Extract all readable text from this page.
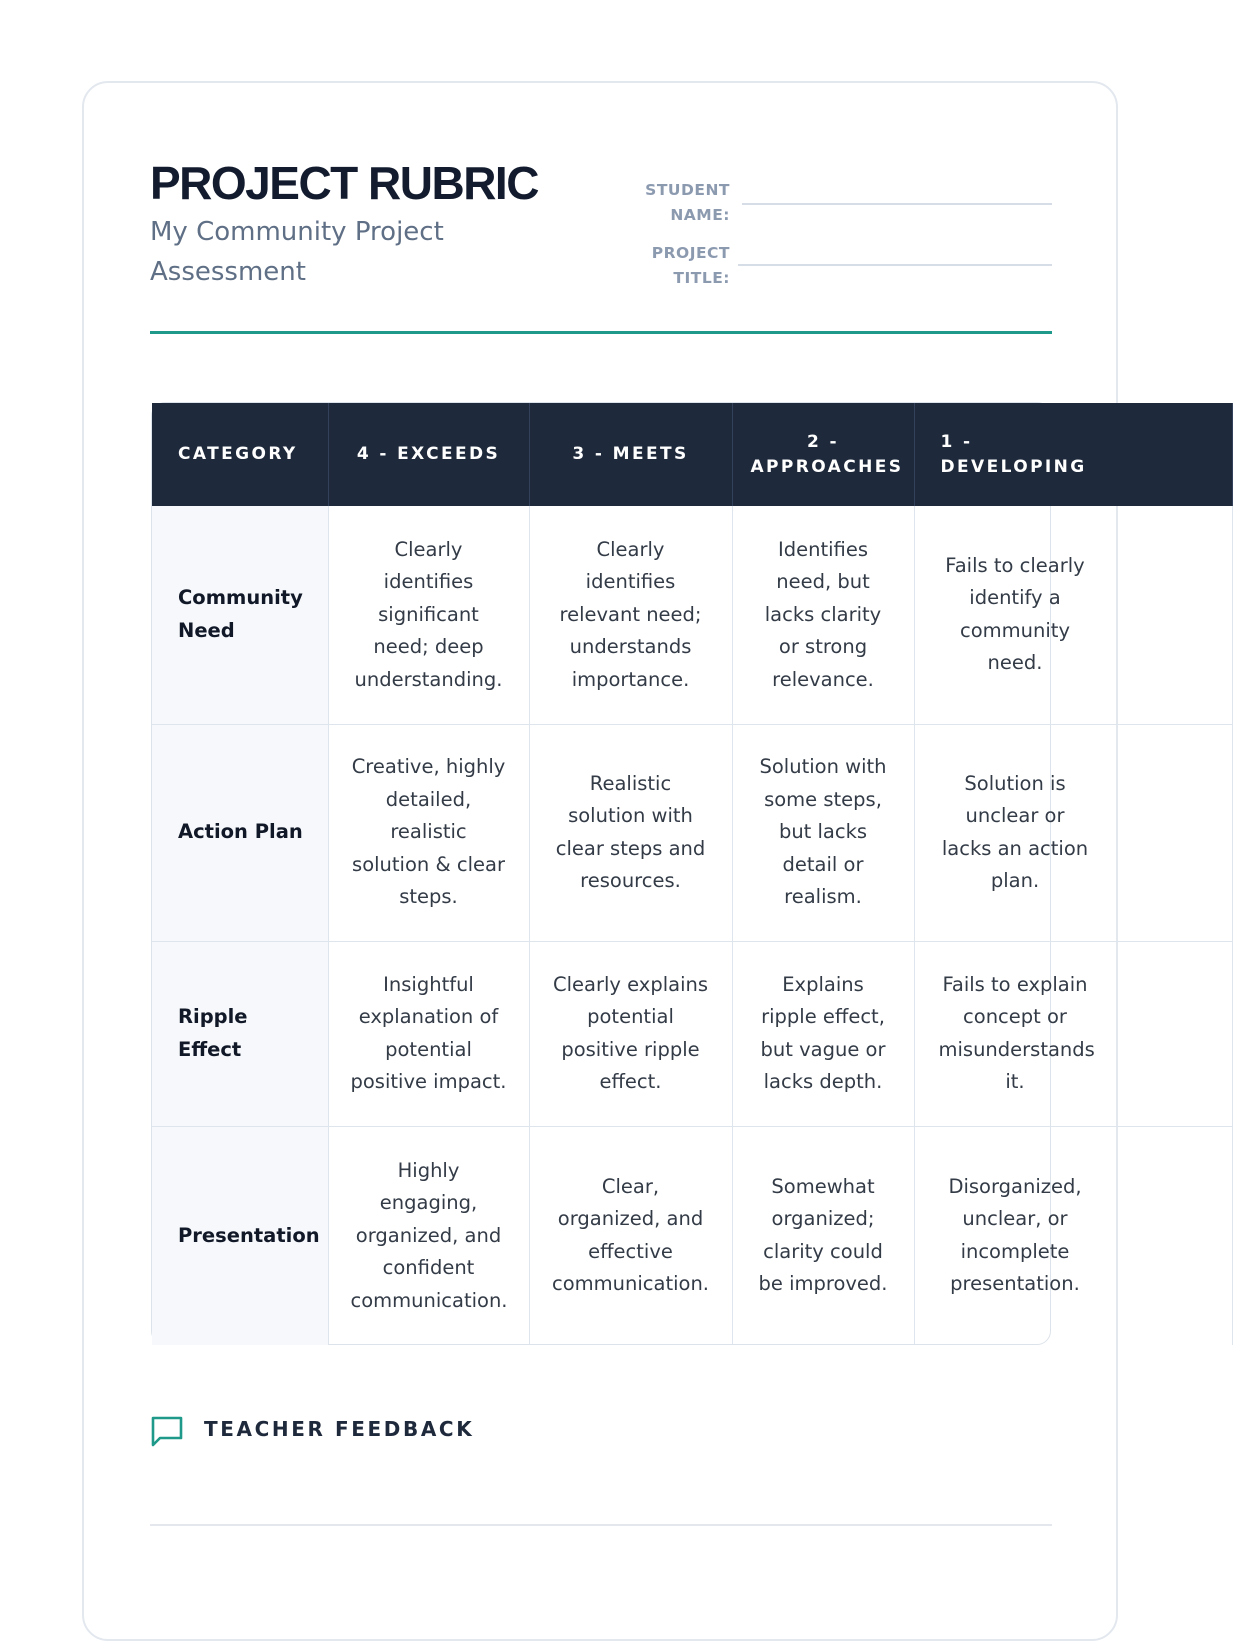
PROJECT RUBRIC

My Community Project Assessment

STUDENT NAME:
PROJECT TITLE:
CATEGORY	4 - EXCEEDS	3 - MEETS	2 - APPROACHES	1 - DEVELOPING
Community Need	Clearly identifies significant need; deep understanding.	Clearly identifies relevant need; understands importance.	Identifies need, but lacks clarity or strong relevance.	Fails to clearly identify a community need.
Action Plan	Creative, highly detailed, realistic solution & clear steps.	Realistic solution with clear steps and resources.	Solution with some steps, but lacks detail or realism.	Solution is unclear or lacks an action plan.
Ripple Effect	Insightful explanation of potential positive impact.	Clearly explains potential positive ripple effect.	Explains ripple effect, but vague or lacks depth.	Fails to explain concept or misunderstands it.
Presentation	Highly engaging, organized, and confident communication.	Clear, organized, and effective communication.	Somewhat organized; clarity could be improved.	Disorganized, unclear, or incomplete presentation.
TEACHER FEEDBACK
